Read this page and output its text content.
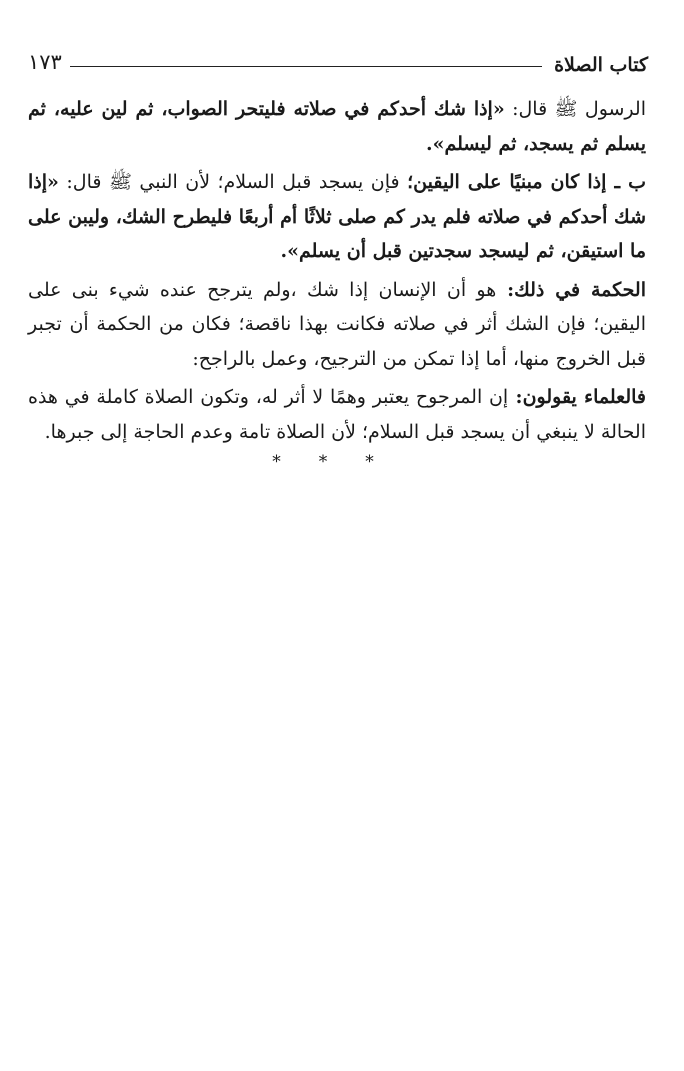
كتاب الصلاة
١٧٣

الرسول ﷺ قال: «إذا شك أحدكم في صلاته فليتحر الصواب، ثم لين عليه، ثم يسلم ثم يسجد، ثم ليسلم».

ب ـ إذا كان مبنيًا على اليقين؛ فإن يسجد قبل السلام؛ لأن النبي ﷺ قال: «إذا شك أحدكم في صلاته فلم يدر كم صلى ثلاثًا أم أربعًا فليطرح الشك، وليبن على ما استيقن، ثم ليسجد سجدتين قبل أن يسلم».

الحكمة في ذلك: هو أن الإنسان إذا شك ،ولم يترجح عنده شيء بنى على اليقين؛ فإن الشك أثر في صلاته فكانت بهذا ناقصة؛ فكان من الحكمة أن تجبر قبل الخروج منها، أما إذا تمكن من الترجيح، وعمل بالراجح:

فالعلماء يقولون: إن المرجوح يعتبر وهمًا لا أثر له، وتكون الصلاة كاملة في هذه الحالة لا ينبغي أن يسجد قبل السلام؛ لأن الصلاة تامة وعدم الحاجة إلى جبرها.

***
